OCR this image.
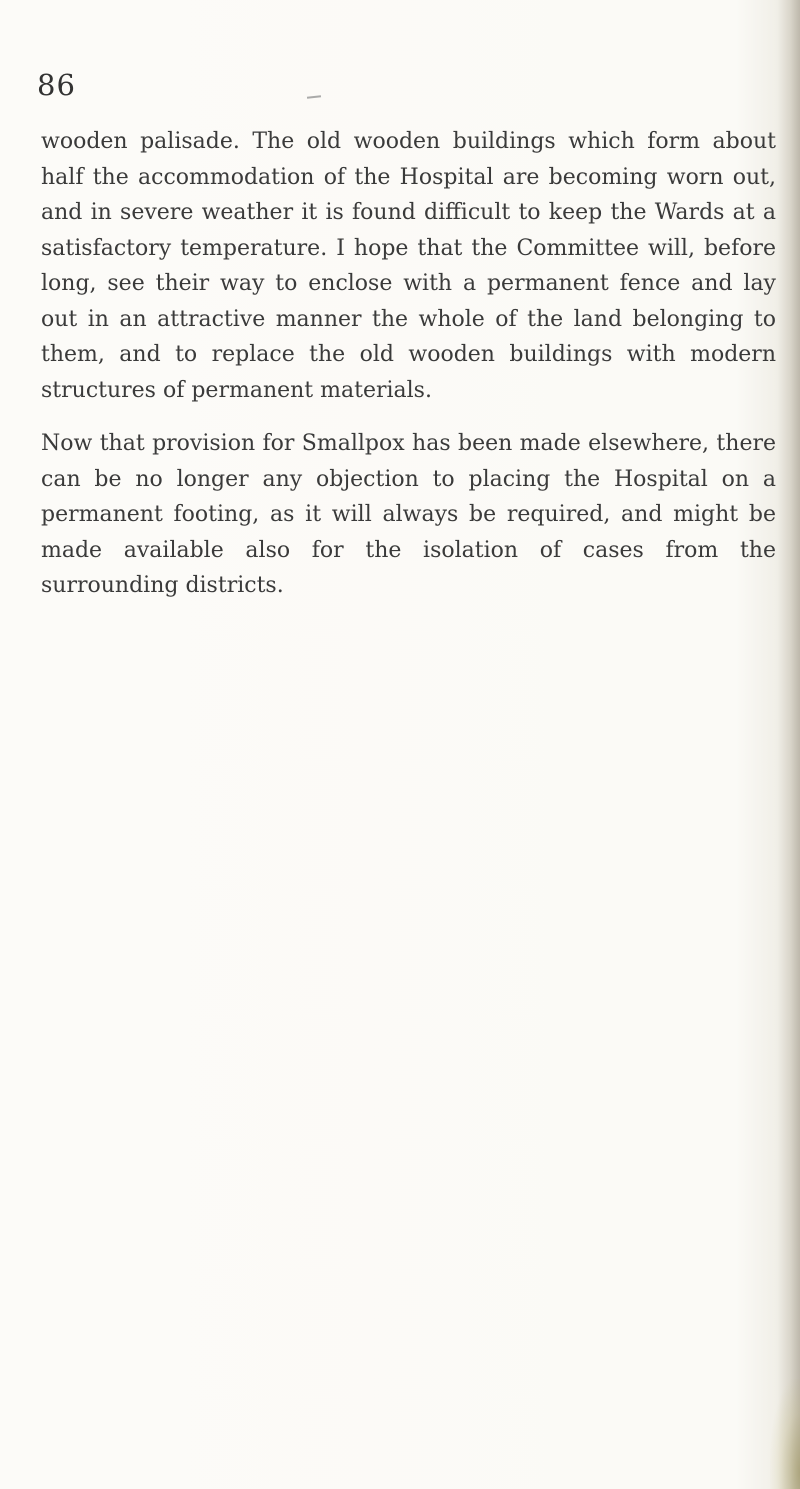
86

wooden palisade. The old wooden buildings which form about half the accommodation of the Hospital are becoming worn out, and in severe weather it is found difficult to keep the Wards at a satisfactory temperature. I hope that the Committee will, before long, see their way to enclose with a permanent fence and lay out in an attractive manner the whole of the land belonging to them, and to replace the old wooden buildings with modern structures of permanent materials.

Now that provision for Smallpox has been made elsewhere, there can be no longer any objection to placing the Hospital on a permanent footing, as it will always be required, and might be made available also for the isolation of cases from the surrounding districts.
